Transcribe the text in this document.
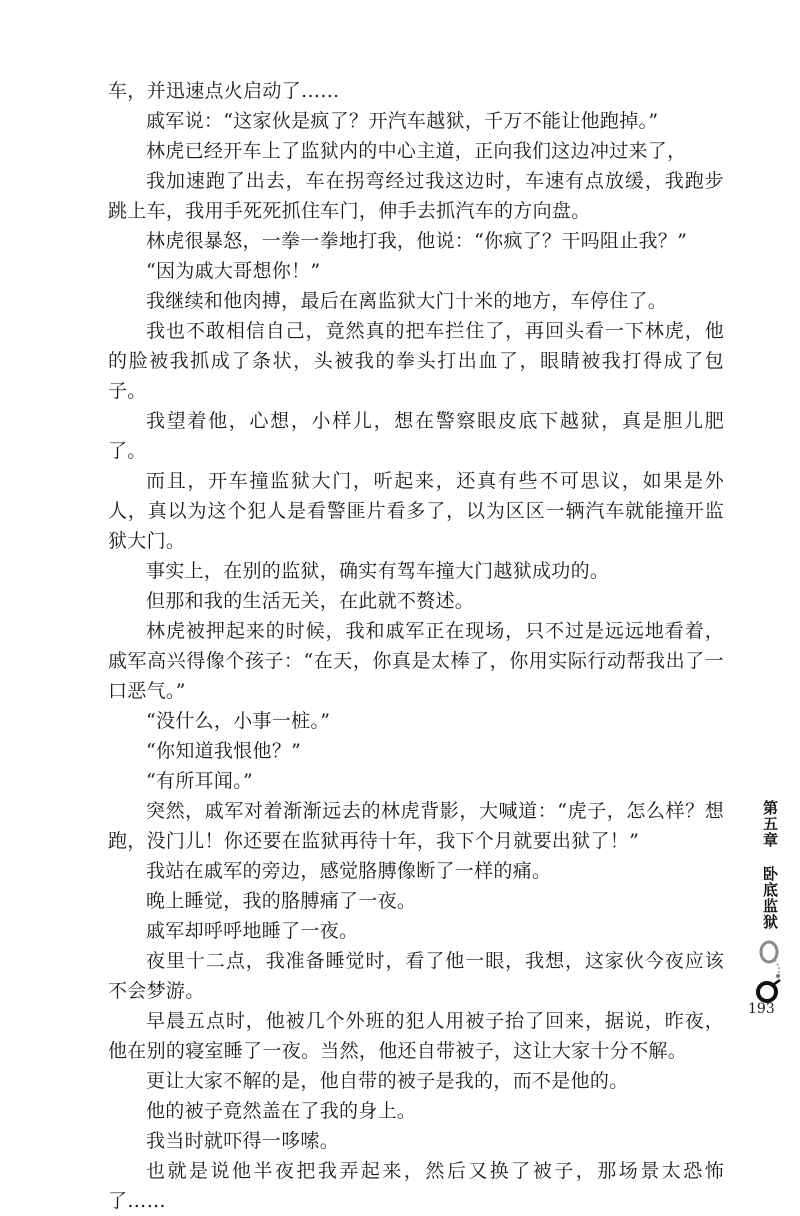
车，并迅速点火启动了……

戚军说：“这家伙是疯了？开汽车越狱，千万不能让他跑掉。”

林虎已经开车上了监狱内的中心主道，正向我们这边冲过来了，

我加速跑了出去，车在拐弯经过我这边时，车速有点放缓，我跑步跳上车，我用手死死抓住车门，伸手去抓汽车的方向盘。

林虎很暴怒，一拳一拳地打我，他说：“你疯了？干吗阻止我？”

“因为戚大哥想你！”

我继续和他肉搏，最后在离监狱大门十米的地方，车停住了。

我也不敢相信自己，竟然真的把车拦住了，再回头看一下林虎，他的脸被我抓成了条状，头被我的拳头打出血了，眼睛被我打得成了包子。

我望着他，心想，小样儿，想在警察眼皮底下越狱，真是胆儿肥了。

而且，开车撞监狱大门，听起来，还真有些不可思议，如果是外人，真以为这个犯人是看警匪片看多了，以为区区一辆汽车就能撞开监狱大门。

事实上，在别的监狱，确实有驾车撞大门越狱成功的。

但那和我的生活无关，在此就不赘述。

林虎被押起来的时候，我和戚军正在现场，只不过是远远地看着，戚军高兴得像个孩子：“在天，你真是太棒了，你用实际行动帮我出了一口恶气。”

“没什么，小事一桩。”

“你知道我恨他？”

“有所耳闻。”

突然，戚军对着渐渐远去的林虎背影，大喊道：“虎子，怎么样？想跑，没门儿！你还要在监狱再待十年，我下个月就要出狱了！”

我站在戚军的旁边，感觉胳膊像断了一样的痛。

晚上睡觉，我的胳膊痛了一夜。

戚军却呼呼地睡了一夜。

夜里十二点，我准备睡觉时，看了他一眼，我想，这家伙今夜应该不会梦游。

早晨五点时，他被几个外班的犯人用被子抬了回来，据说，昨夜，他在别的寝室睡了一夜。当然，他还自带被子，这让大家十分不解。

更让大家不解的是，他自带的被子是我的，而不是他的。

他的被子竟然盖在了我的身上。

我当时就吓得一哆嗦。

也就是说他半夜把我弄起来，然后又换了被子，那场景太恐怖了……

第五章
卧底监狱
193
